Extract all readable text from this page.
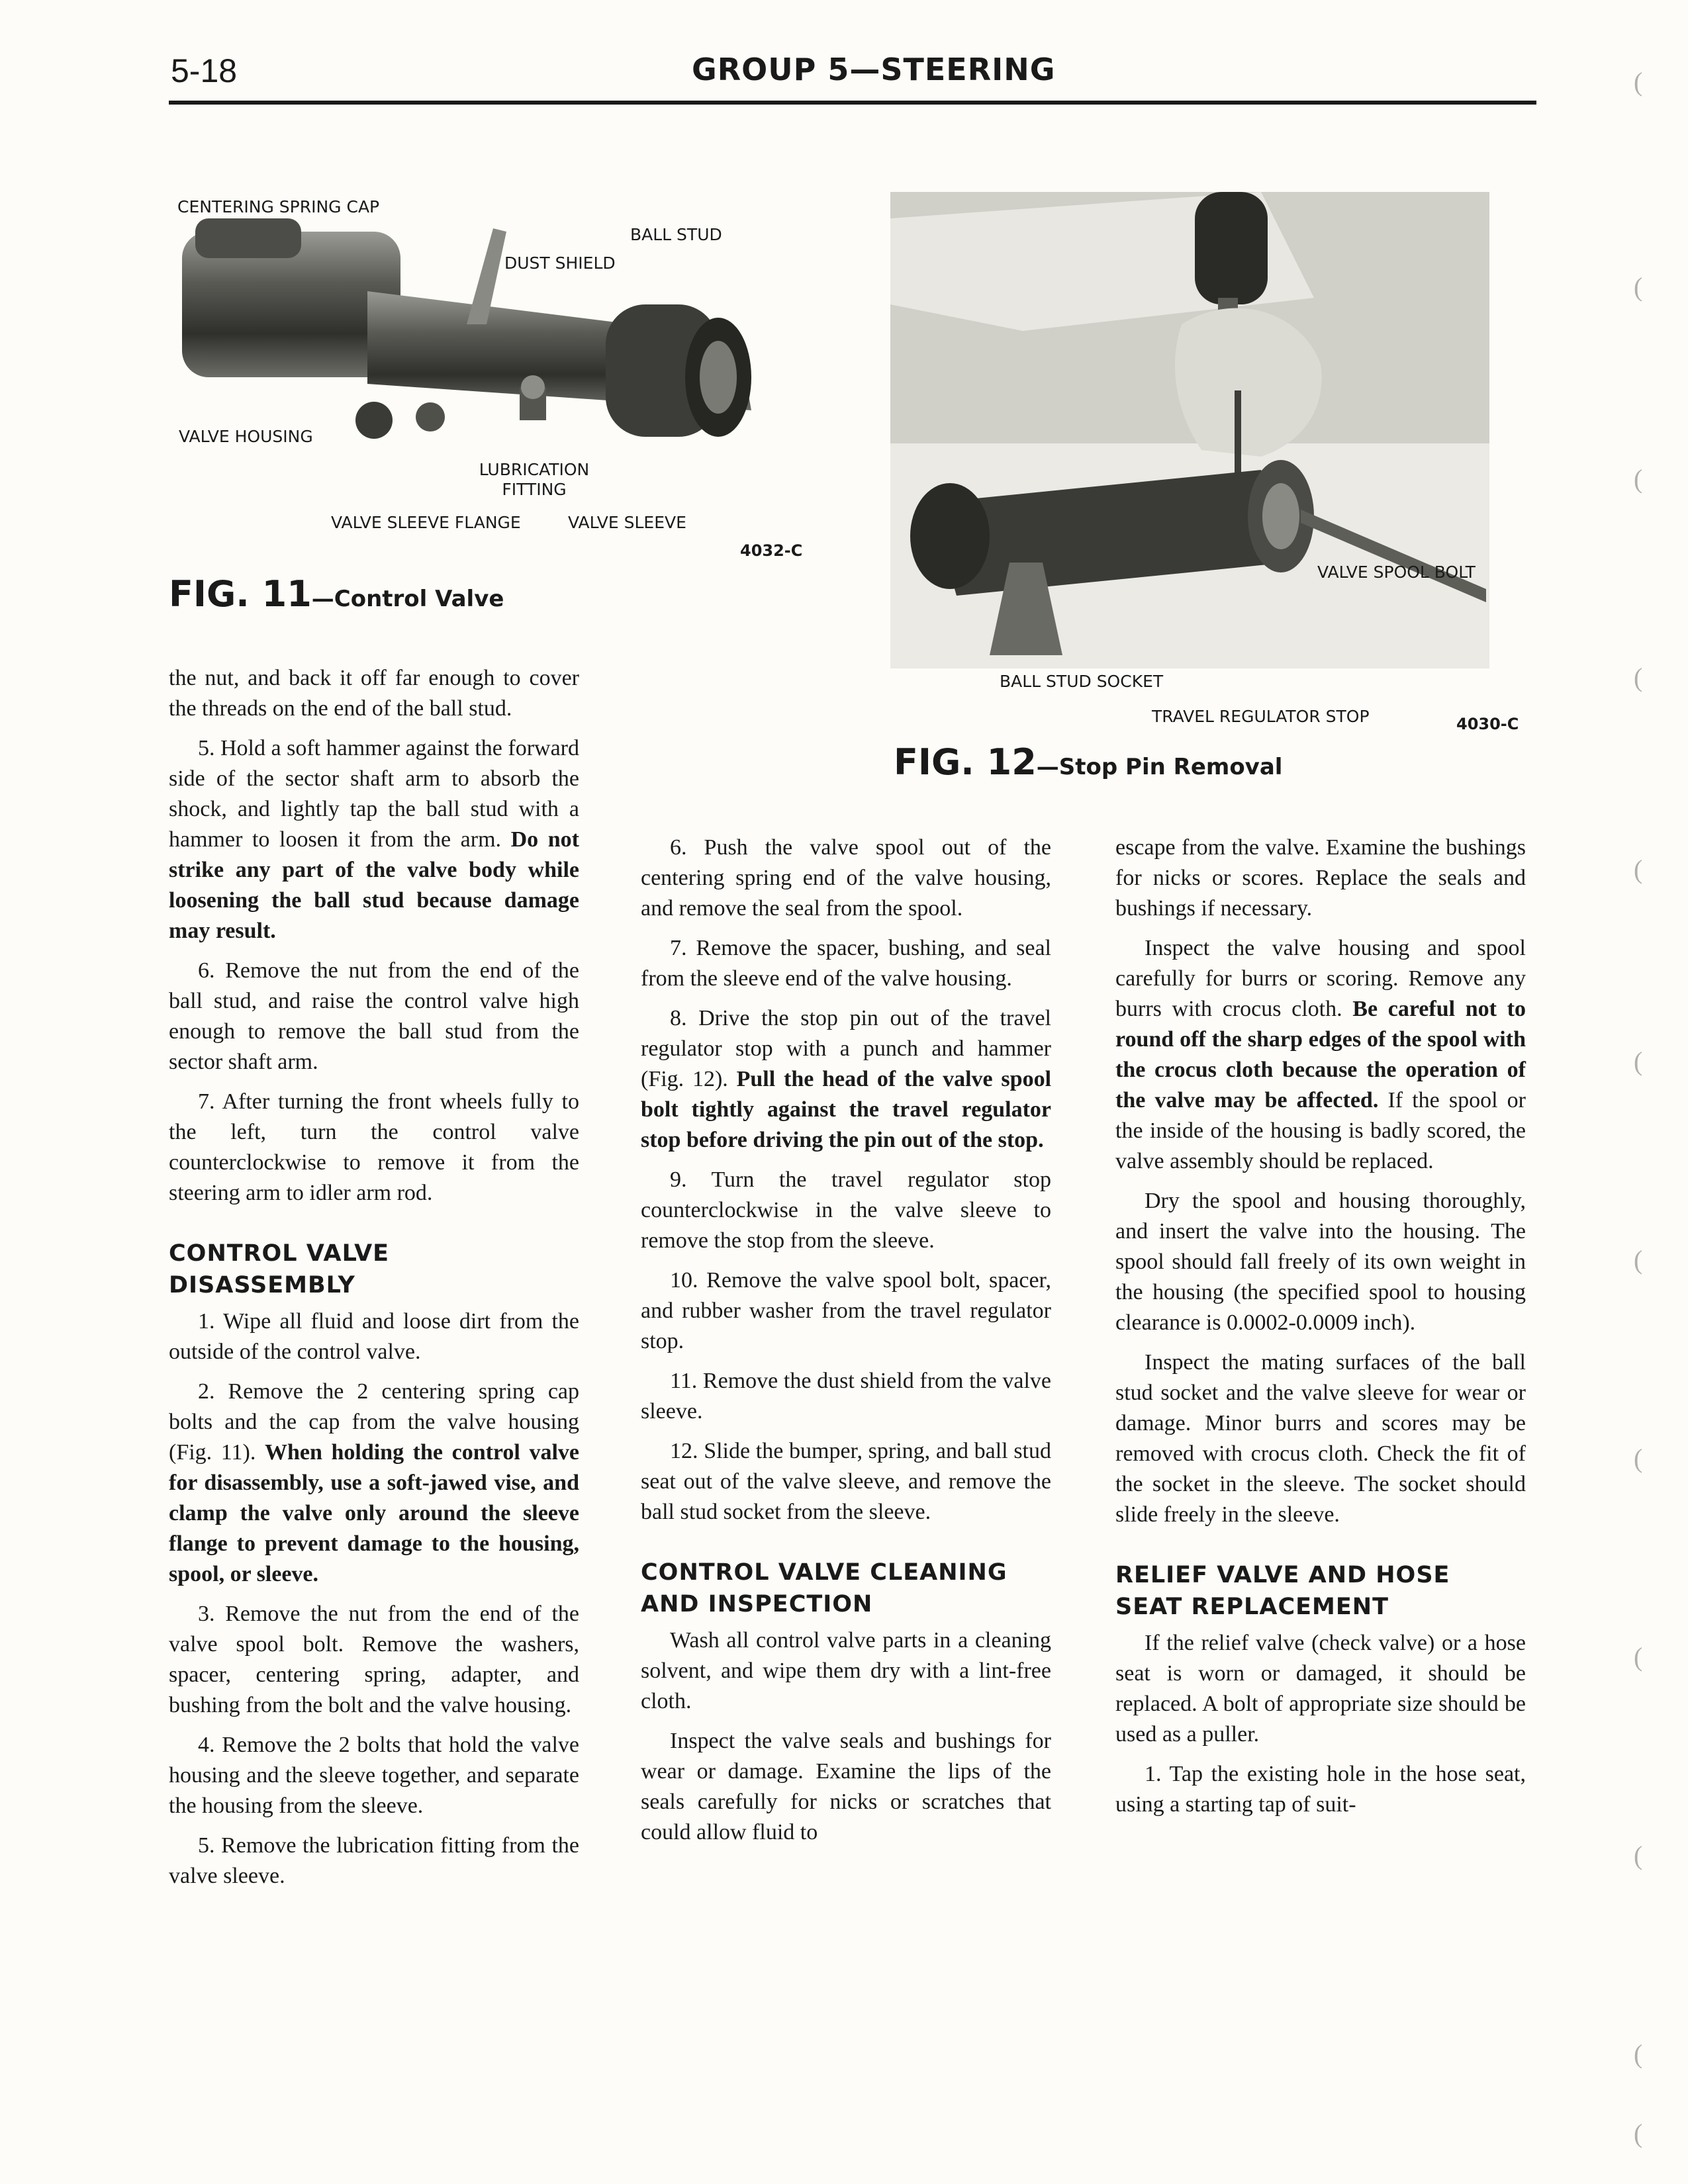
5-18	GROUP 5—STEERING
CENTERING SPRING CAP
BALL STUD
DUST SHIELD
VALVE HOUSING
LUBRICATION FITTING
VALVE SLEEVE FLANGE	VALVE SLEEVE
4032-C
FIG. 11—Control Valve
VALVE SPOOL BOLT
BALL STUD SOCKET
TRAVEL REGULATOR STOP	4030-C
FIG. 12—Stop Pin Removal

the nut, and back it off far enough to cover the threads on the end of the ball stud.

5. Hold a soft hammer against the forward side of the sector shaft arm to absorb the shock, and lightly tap the ball stud with a hammer to loosen it from the arm. Do not strike any part of the valve body while loosening the ball stud because damage may result.

6. Remove the nut from the end of the ball stud, and raise the control valve high enough to remove the ball stud from the sector shaft arm.

7. After turning the front wheels fully to the left, turn the control valve counterclockwise to remove it from the steering arm to idler arm rod.

CONTROL VALVE
DISASSEMBLY

1. Wipe all fluid and loose dirt from the outside of the control valve.

2. Remove the 2 centering spring cap bolts and the cap from the valve housing (Fig. 11). When holding the control valve for disassembly, use a soft-jawed vise, and clamp the valve only around the sleeve flange to prevent damage to the housing, spool, or sleeve.

3. Remove the nut from the end of the valve spool bolt. Remove the washers, spacer, centering spring, adapter, and bushing from the bolt and the valve housing.

4. Remove the 2 bolts that hold the valve housing and the sleeve together, and separate the housing from the sleeve.

5. Remove the lubrication fitting from the valve sleeve.

6. Push the valve spool out of the centering spring end of the valve housing, and remove the seal from the spool.

7. Remove the spacer, bushing, and seal from the sleeve end of the valve housing.

8. Drive the stop pin out of the travel regulator stop with a punch and hammer (Fig. 12). Pull the head of the valve spool bolt tightly against the travel regulator stop before driving the pin out of the stop.

9. Turn the travel regulator stop counterclockwise in the valve sleeve to remove the stop from the sleeve.

10. Remove the valve spool bolt, spacer, and rubber washer from the travel regulator stop.

11. Remove the dust shield from the valve sleeve.

12. Slide the bumper, spring, and ball stud seat out of the valve sleeve, and remove the ball stud socket from the sleeve.

CONTROL VALVE CLEANING
AND INSPECTION

Wash all control valve parts in a cleaning solvent, and wipe them dry with a lint-free cloth.

Inspect the valve seals and bushings for wear or damage. Examine the lips of the seals carefully for nicks or scratches that could allow fluid to

escape from the valve. Examine the bushings for nicks or scores. Replace the seals and bushings if necessary.

Inspect the valve housing and spool carefully for burrs or scoring. Remove any burrs with crocus cloth. Be careful not to round off the sharp edges of the spool with the crocus cloth because the operation of the valve may be affected. If the spool or the inside of the housing is badly scored, the valve assembly should be replaced.

Dry the spool and housing thoroughly, and insert the valve into the housing. The spool should fall freely of its own weight in the housing (the specified spool to housing clearance is 0.0002-0.0009 inch).

Inspect the mating surfaces of the ball stud socket and the valve sleeve for wear or damage. Minor burrs and scores may be removed with crocus cloth. Check the fit of the socket in the sleeve. The socket should slide freely in the sleeve.

RELIEF VALVE AND HOSE
SEAT REPLACEMENT

If the relief valve (check valve) or a hose seat is worn or damaged, it should be replaced. A bolt of appropriate size should be used as a puller.

1. Tap the existing hole in the hose seat, using a starting tap of suit-

(
(
(
(
(
(
(
(
(
(
(
(
